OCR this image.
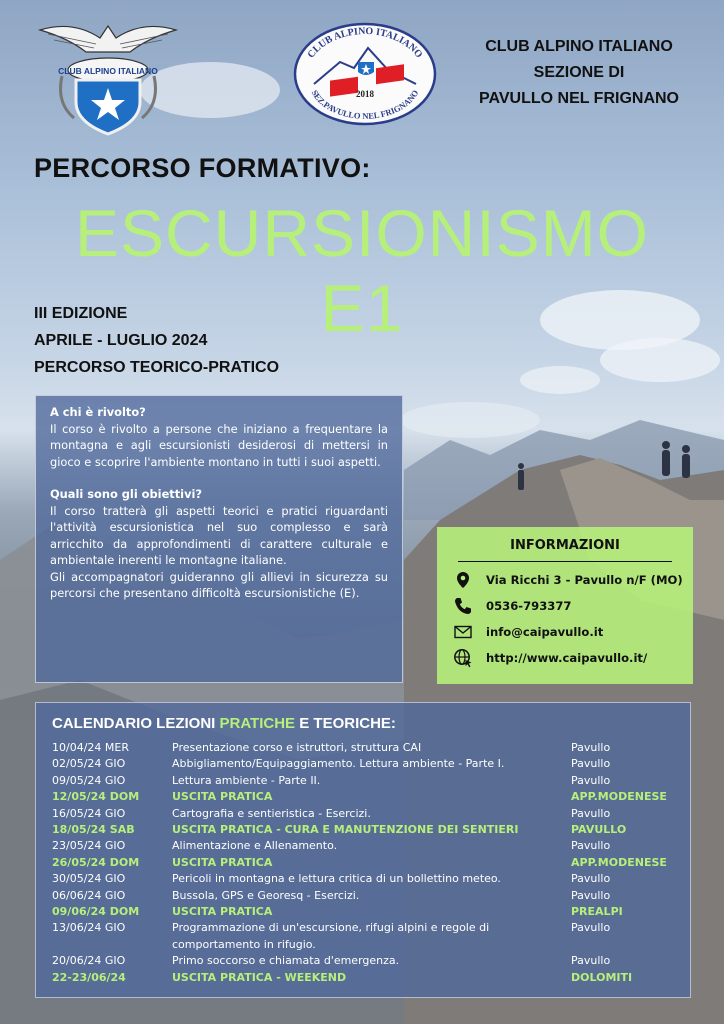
CLUB ALPINO ITALIANO
CLUB ALPINO ITALIANO
2018
SEZ.PAVULLO NEL FRIGNANO
CLUB ALPINO ITALIANO
SEZIONE DI
PAVULLO NEL FRIGNANO
PERCORSO FORMATIVO:
ESCURSIONISMO
E1
III EDIZIONE
APRILE - LUGLIO 2024
PERCORSO TEORICO-PRATICO

A chi è rivolto?

Il corso è rivolto a persone che iniziano a frequentare la montagna e agli escursionisti desiderosi di mettersi in gioco e scoprire l'ambiente montano in tutti i suoi aspetti.

Quali sono gli obiettivi?

Il corso tratterà gli aspetti teorici e pratici riguardanti l'attività escursionistica nel suo complesso e sarà arricchito da approfondimenti di carattere culturale e ambientale inerenti le montagne italiane.

Gli accompagnatori guideranno gli allievi in sicurezza su percorsi che presentano difficoltà escursionistiche (E).

INFORMAZIONI
Via Ricchi 3 - Pavullo n/F (MO)
0536-793377
info@caipavullo.it
http://www.caipavullo.it/
CALENDARIO LEZIONI PRATICHE E TEORICHE:
10/04/24 MER	Presentazione corso e istruttori, struttura CAI	Pavullo
02/05/24 GIO	Abbigliamento/Equipaggiamento. Lettura ambiente - Parte I.	Pavullo
09/05/24 GIO	Lettura ambiente - Parte II.	Pavullo
12/05/24 DOM	USCITA PRATICA	APP.MODENESE
16/05/24 GIO	Cartografia e sentieristica - Esercizi.	Pavullo
18/05/24 SAB	USCITA PRATICA - CURA E MANUTENZIONE DEI SENTIERI	PAVULLO
23/05/24 GIO	Alimentazione e Allenamento.	Pavullo
26/05/24 DOM	USCITA PRATICA	APP.MODENESE
30/05/24 GIO	Pericoli in montagna e lettura critica di un bollettino meteo.	Pavullo
06/06/24 GIO	Bussola, GPS e Georesq - Esercizi.	Pavullo
09/06/24 DOM	USCITA PRATICA	PREALPI
13/06/24 GIO	Programmazione di un'escursione, rifugi alpini e regole di comportamento in rifugio.	Pavullo
20/06/24 GIO	Primo soccorso e chiamata d'emergenza.	Pavullo
22-23/06/24	USCITA PRATICA - WEEKEND	DOLOMITI
